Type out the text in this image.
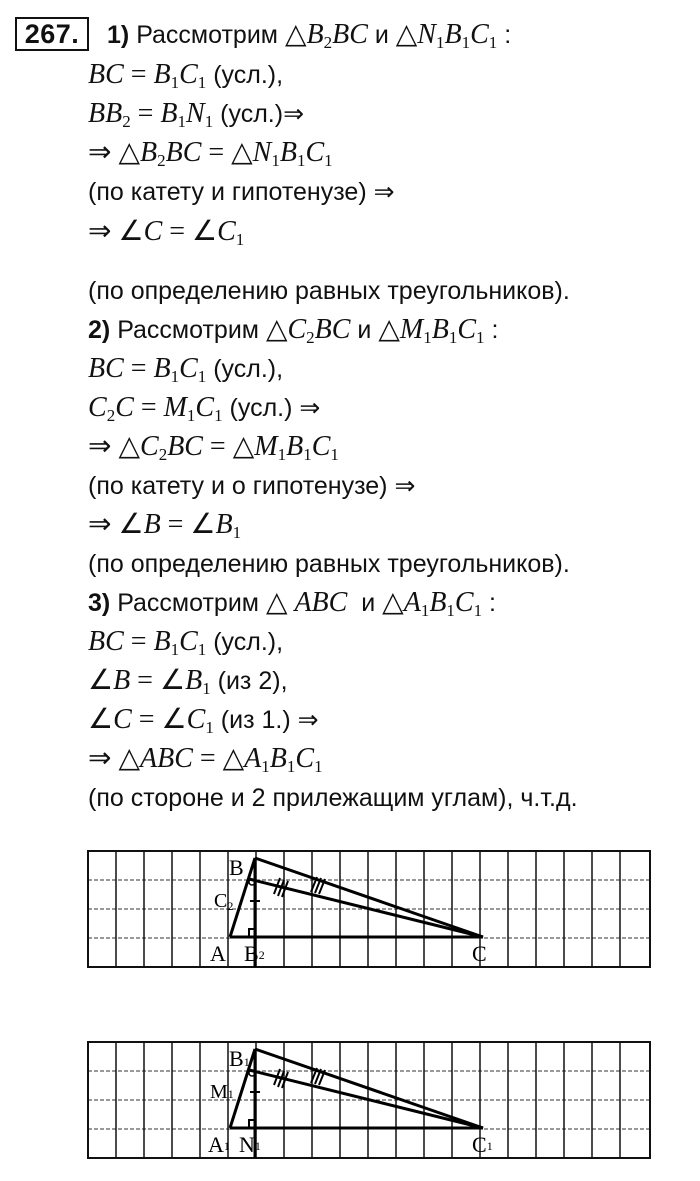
267.	1) Рассмотрим $\triangle B_2BC$ и $\triangle N_1B_1C_1$ :
BC = $B_1C_1$ (усл.),
$BB_2 = B_1N_1$ (усл.)⇒
⇒ $\triangle B_2BC$ = $\triangle N_1B_1C_1$
(по катету и гипотенузе) ⇒
⇒ ∠C = $\angle C_1$
(по определению равных треугольников).
2) Рассмотрим $\triangle C_2BC$ и $\triangle M_1B_1C_1$ :
BC = $B_1C_1$ (усл.),
$C_2C = M_1C_1$ (усл.) ⇒
⇒ $\triangle C_2BC$ = $\triangle M_1B_1C_1$
(по катету и о гипотенузе) ⇒
⇒ ∠B = $\angle B_1$
(по определению равных треугольников).
3) Рассмотрим △ ABC и $\triangle A_1B_1C_1$ :
BC = $B_1C_1$ (усл.),
∠B = $\angle B_1$ (из 2),
∠C = $\angle C_1$ (из 1.) ⇒
⇒ △ABC = $\triangle A_1B_1C_1$
(по стороне и 2 прилежащим углам), ч.т.д.
B
C2
A B2	C
B1
M1
A1 N1	C1
